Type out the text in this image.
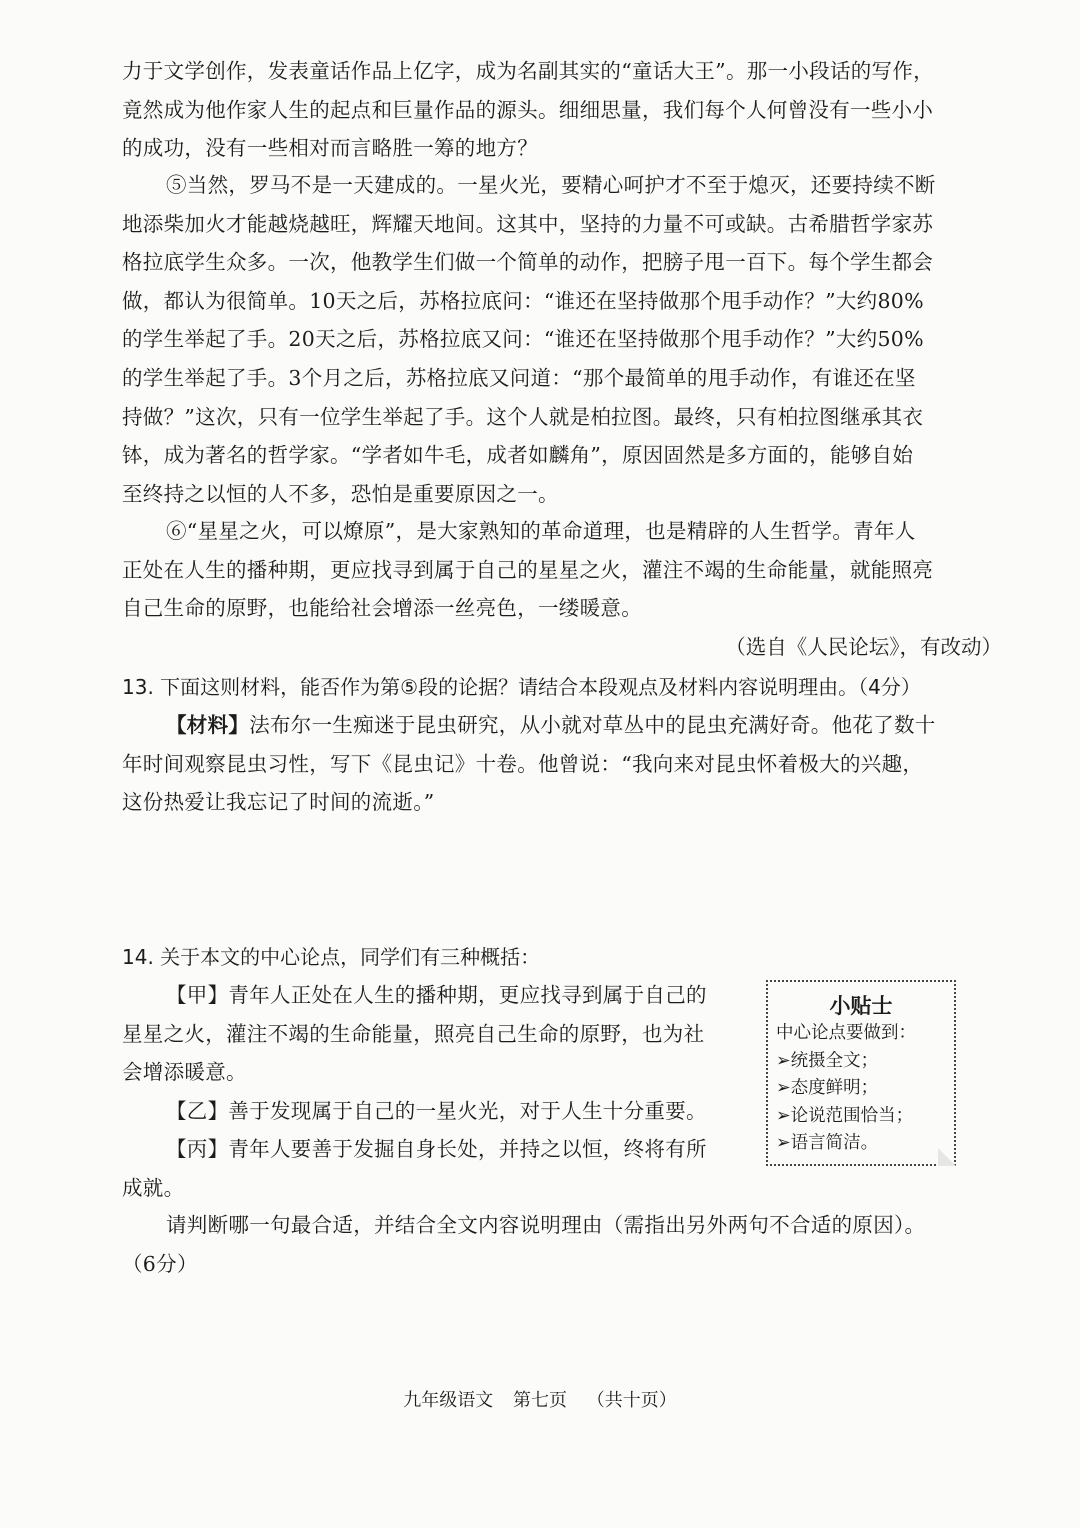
力于文学创作，发表童话作品上亿字，成为名副其实的“童话大王”。那一小段话的写作，
竟然成为他作家人生的起点和巨量作品的源头。细细思量，我们每个人何曾没有一些小小
的成功，没有一些相对而言略胜一筹的地方？
⑤当然，罗马不是一天建成的。一星火光，要精心呵护才不至于熄灭，还要持续不断
地添柴加火才能越烧越旺，辉耀天地间。这其中，坚持的力量不可或缺。古希腊哲学家苏
格拉底学生众多。一次，他教学生们做一个简单的动作，把膀子甩一百下。每个学生都会
做，都认为很简单。10天之后，苏格拉底问：“谁还在坚持做那个甩手动作？”大约80%
的学生举起了手。20天之后，苏格拉底又问：“谁还在坚持做那个甩手动作？”大约50%
的学生举起了手。3个月之后，苏格拉底又问道：“那个最简单的甩手动作，有谁还在坚
持做？”这次，只有一位学生举起了手。这个人就是柏拉图。最终，只有柏拉图继承其衣
钵，成为著名的哲学家。“学者如牛毛，成者如麟角”，原因固然是多方面的，能够自始
至终持之以恒的人不多，恐怕是重要原因之一。
⑥“星星之火，可以燎原”，是大家熟知的革命道理，也是精辟的人生哲学。青年人
正处在人生的播种期，更应找寻到属于自己的星星之火，灌注不竭的生命能量，就能照亮
自己生命的原野，也能给社会增添一丝亮色，一缕暖意。
（选自《人民论坛》，有改动）
13. 下面这则材料，能否作为第⑤段的论据？请结合本段观点及材料内容说明理由。（4分）
【材料】法布尔一生痴迷于昆虫研究，从小就对草丛中的昆虫充满好奇。他花了数十
年时间观察昆虫习性，写下《昆虫记》十卷。他曾说：“我向来对昆虫怀着极大的兴趣，
这份热爱让我忘记了时间的流逝。”
14. 关于本文的中心论点，同学们有三种概括：
【甲】青年人正处在人生的播种期，更应找寻到属于自己的
星星之火，灌注不竭的生命能量，照亮自己生命的原野，也为社
会增添暖意。
【乙】善于发现属于自己的一星火光，对于人生十分重要。
【丙】青年人要善于发掘自身长处，并持之以恒，终将有所
成就。
请判断哪一句最合适，并结合全文内容说明理由（需指出另外两句不合适的原因）。
（6分）
小贴士
中心论点要做到：
➢统摄全文；
➢态度鲜明；
➢论说范围恰当；
➢语言简洁。
九年级语文 第七页 （共十页）
